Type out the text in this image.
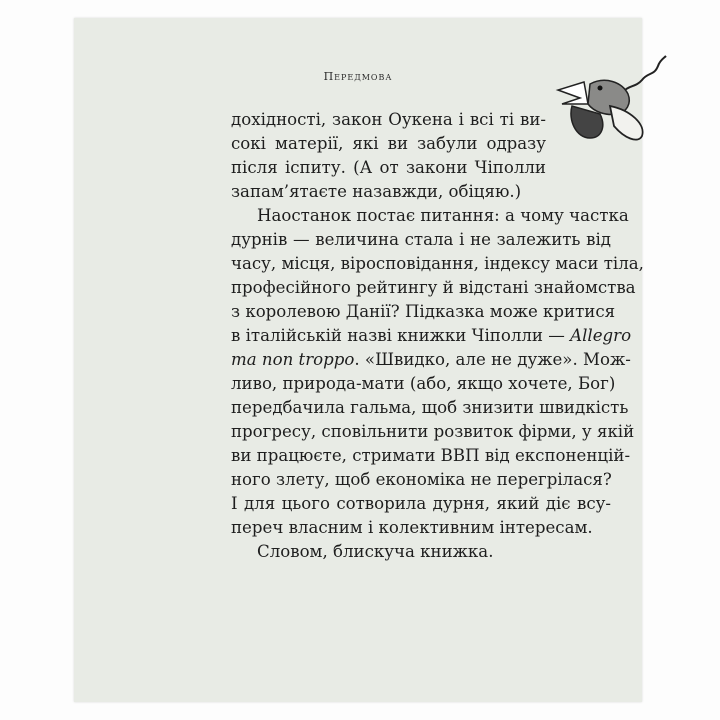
Передмова
дохідності, закон Оукена і всі ті ви-
сокі матерії, які ви забули одразу
після іспиту. (А от закони Чіполли
запам’ятаєте назавжди, обіцяю.)
Наостанок постає питання: а чому частка
дурнів — величина стала і не залежить від
часу, місця, віросповідання, індексу маси тіла,
професійного рейтингу й відстані знайомства
з королевою Данії? Підказка може критися
в італійській назві книжки Чіполли — Allegro
ma non troppo. «Швидко, але не дуже». Мож-
ливо, природа-мати (або, якщо хочете, Бог)
передбачила гальма, щоб знизити швидкість
прогресу, сповільнити розвиток фірми, у якій
ви працюєте, стримати ВВП від експоненцій-
ного злету, щоб економіка не перегрілася?
І для цього сотворила дурня, який діє всу-
переч власним і колективним інтересам.
Словом, блискуча книжка.
